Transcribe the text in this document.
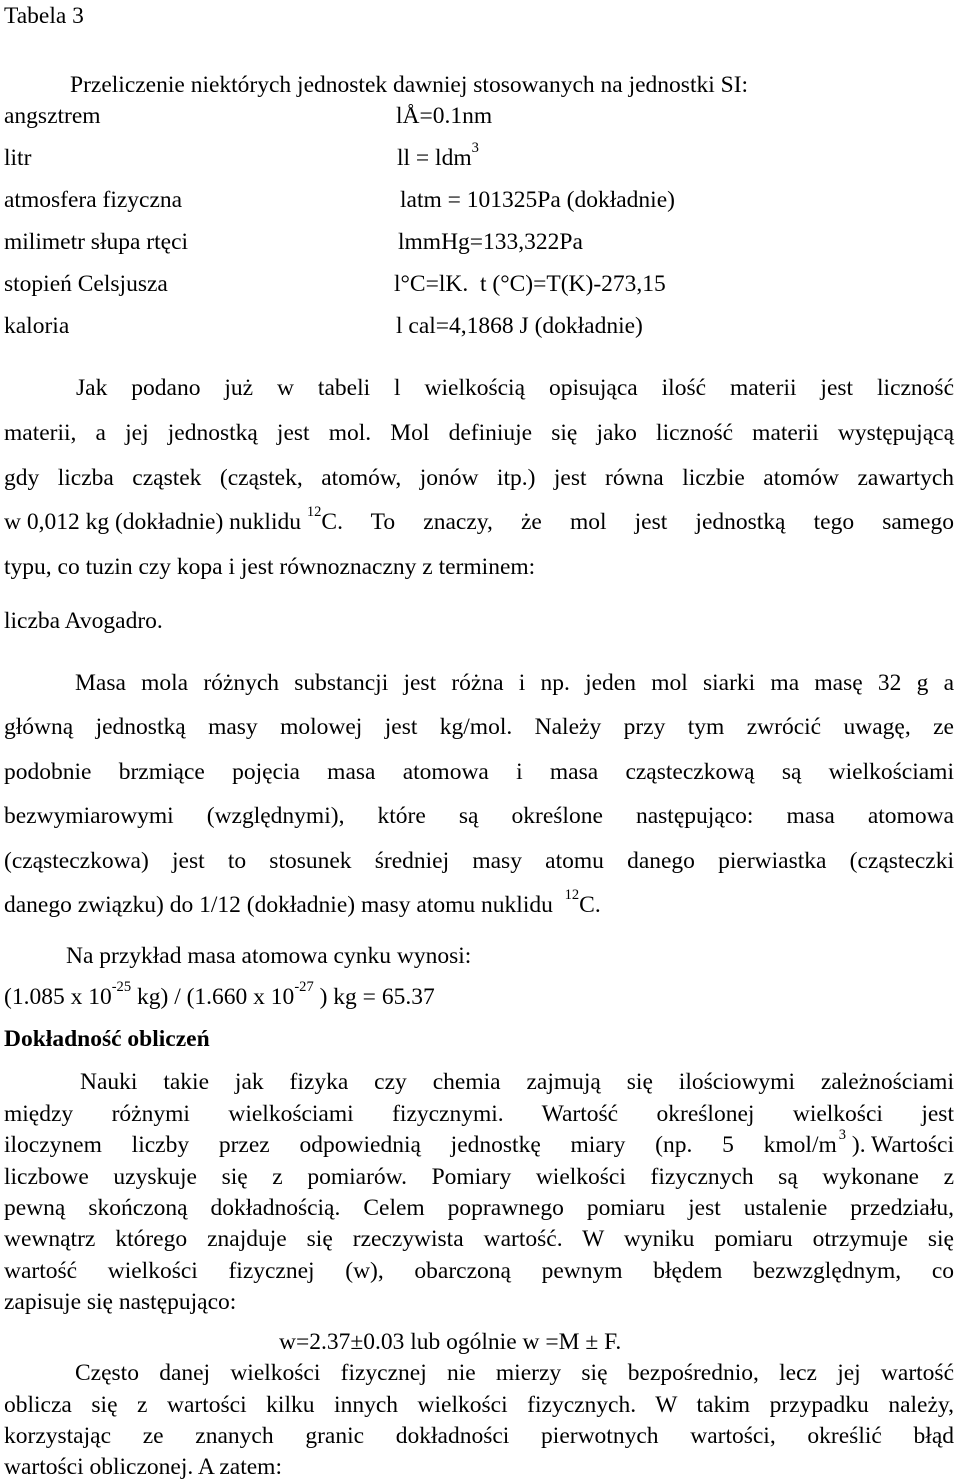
Tabela 3
Przeliczenie niektórych jednostek dawniej stosowanych na jednostki SI:
angsztrem	lÅ=0.1nm
litr	ll = ldm$^3$
atmosfera fizyczna	latm = 101325Pa (dokładnie)
milimetr słupa rtęci	lmmHg=133,322Pa
stopień Celsjusza	l°C=lK.  t (°C)=T(K)-273,15
kaloria	l cal=4,1868 J (dokładnie)
Jak podano już w tabeli l wielkością opisująca ilość materii jest liczność
materii, a jej jednostką jest mol. Mol definiuje się jako liczność materii występującą
gdy liczba cząstek (cząstek, atomów, jonów itp.) jest równa liczbie atomów zawartych
w 0,012 kg (dokładnie) nuklidu $^{12}$ C. To znaczy, że mol jest jednostką tego samego
typu, co tuzin czy kopa i jest równoznaczny z terminem:
liczba Avogadro.
Masa mola różnych substancji jest różna i np. jeden mol siarki ma masę 32 g a
główną jednostką masy molowej jest kg/mol. Należy przy tym zwrócić uwagę, ze
podobnie brzmiące pojęcia masa atomowa i masa cząsteczkową są wielkościami
bezwymiarowymi (względnymi), które są określone następująco: masa atomowa
(cząsteczkowa) jest to stosunek średniej masy atomu danego pierwiastka (cząsteczki
danego związku) do 1/12 (dokładnie) masy atomu nuklidu $^{12}$C.
Na przykład masa atomowa cynku wynosi:
(1.085 x $10^{-25}$ kg) / (1.660 x $10^{-27}$ ) kg = 65.37
Dokładność obliczeń
Nauki takie jak fizyka czy chemia zajmują się ilościowymi zależnościami
między różnymi wielkościami fizycznymi. Wartość określonej wielkości jest
iloczynem liczby przez odpowiednią jednostkę miary (np. 5 kmol/$m^3$ ). Wartości
liczbowe uzyskuje się z pomiarów. Pomiary wielkości fizycznych są wykonane z
pewną skończoną dokładnością. Celem poprawnego pomiaru jest ustalenie przedziału,
wewnątrz którego znajduje się rzeczywista wartość. W wyniku pomiaru otrzymuje się
wartość wielkości fizycznej (w), obarczoną pewnym błędem bezwzględnym, co
zapisuje się następująco:
w=2.37±0.03 lub ogólnie w =M ± F.
Często danej wielkości fizycznej nie mierzy się bezpośrednio, lecz jej wartość
oblicza się z wartości kilku innych wielkości fizycznych. W takim przypadku należy,
korzystając ze znanych granic dokładności pierwotnych wartości, określić błąd
wartości obliczonej. A zatem:
